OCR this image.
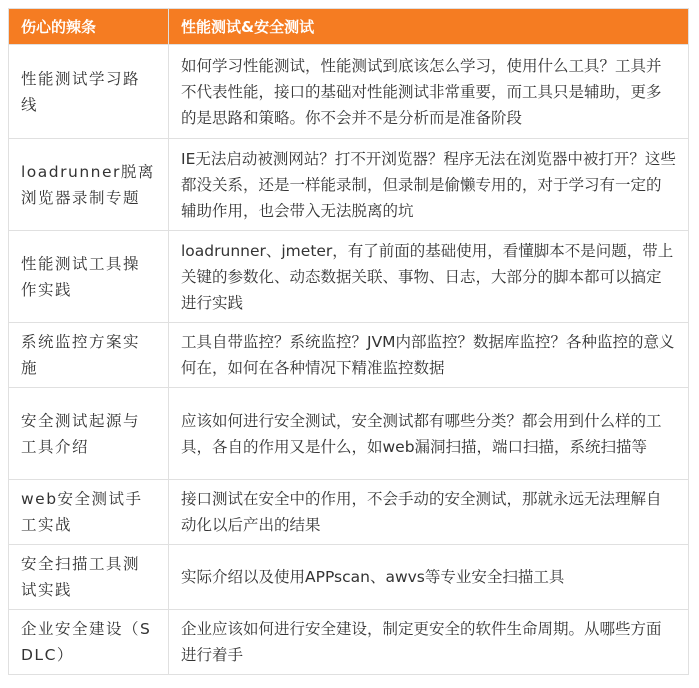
伤心的辣条	性能测试&安全测试
性能测试学习路线	如何学习性能测试，性能测试到底该怎么学习，使用什么工具？工具并不代表性能，接口的基础对性能测试非常重要，而工具只是辅助，更多的是思路和策略。你不会并不是分析而是准备阶段
loadrunner脱离浏览器录制专题	IE无法启动被测网站？打不开浏览器？程序无法在浏览器中被打开？这些都没关系，还是一样能录制，但录制是偷懒专用的，对于学习有一定的辅助作用，也会带入无法脱离的坑
性能测试工具操作实践	loadrunner、jmeter，有了前面的基础使用，看懂脚本不是问题，带上关键的参数化、动态数据关联、事物、日志，大部分的脚本都可以搞定进行实践
系统监控方案实施	工具自带监控？系统监控？JVM内部监控？数据库监控？各种监控的意义何在，如何在各种情况下精准监控数据
安全测试起源与工具介绍	应该如何进行安全测试，安全测试都有哪些分类？都会用到什么样的工具，各自的作用又是什么，如web漏洞扫描，端口扫描，系统扫描等
web安全测试手工实战	接口测试在安全中的作用，不会手动的安全测试，那就永远无法理解自动化以后产出的结果
安全扫描工具测试实践	实际介绍以及使用APPscan、awvs等专业安全扫描工具
企业安全建设（SDLC）	企业应该如何进行安全建设，制定更安全的软件生命周期。从哪些方面进行着手
